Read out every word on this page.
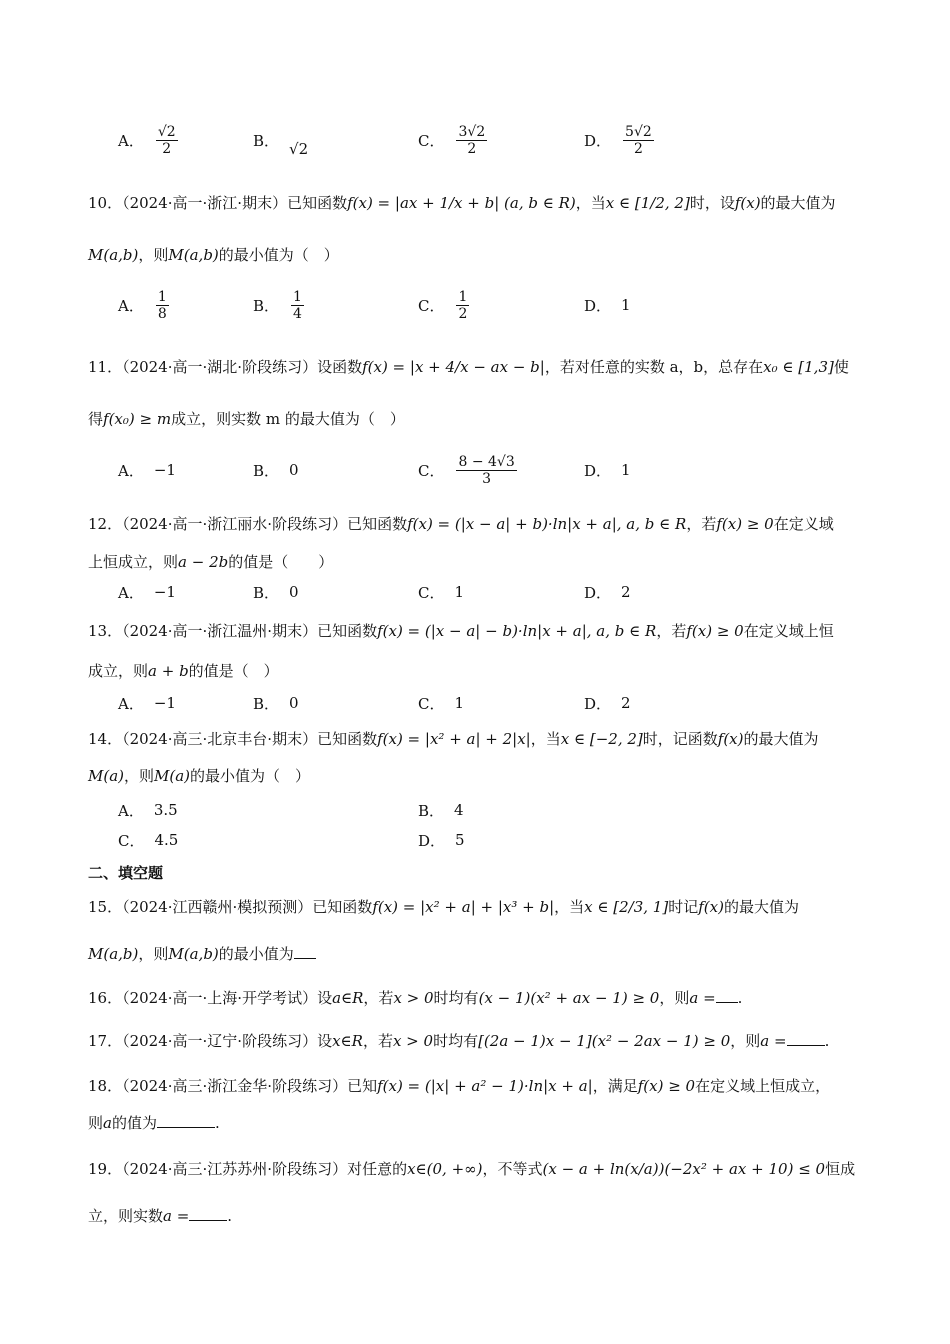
A． $\frac{√2}{2}$	B． √2	C． $\frac{3√2}{2}$	D． $\frac{5√2}{2}$
10．（2024·高一·浙江·期末）已知函数f(x) = |ax + 1/x + b| (a, b ∈ R)，当x ∈ [1/2, 2]时，设f(x)的最大值为
M(a,b)，则M(a,b)的最小值为（　）
A． $\frac{1}{8}$	B． $\frac{1}{4}$	C． $\frac{1}{2}$	D． 1
11．（2024·高一·湖北·阶段练习）设函数f(x) = |x + 4/x − ax − b|，若对任意的实数 a，b，总存在x₀ ∈ [1,3]使
得f(x₀) ≥ m成立，则实数 m 的最大值为（　）
A． −1	B． 0	C． $\frac{8 - 4√3}{3}$	D． 1
12．（2024·高一·浙江丽水·阶段练习）已知函数f(x) = (|x − a| + b)·ln|x + a|, a, b ∈ R，若f(x) ≥ 0在定义域
上恒成立，则a − 2b的值是（　　）
A． −1	B． 0	C． 1	D． 2
13．（2024·高一·浙江温州·期末）已知函数f(x) = (|x − a| − b)·ln|x + a|, a, b ∈ R，若f(x) ≥ 0在定义域上恒
成立，则a + b的值是（　）
A． −1	B． 0	C． 1	D． 2
14．（2024·高三·北京丰台·期末）已知函数f(x) = |x² + a| + 2|x|，当x ∈ [−2, 2]时，记函数f(x)的最大值为
M(a)，则M(a)的最小值为（　）
A． 3.5	B． 4
C． 4.5	D． 5
二、填空题
15．（2024·江西赣州·模拟预测）已知函数f(x) = |x² + a| + |x³ + b|，当x ∈ [2/3, 1]时记f(x)的最大值为
M(a,b)，则M(a,b)的最小值为
16．（2024·高一·上海·开学考试）设a∈R，若x > 0时均有(x − 1)(x² + ax − 1) ≥ 0，则a = .
17．（2024·高一·辽宁·阶段练习）设x∈R，若x > 0时均有[(2a − 1)x − 1](x² − 2ax − 1) ≥ 0，则a =	.
18．（2024·高三·浙江金华·阶段练习）已知f(x) = (|x| + a² − 1)·ln|x + a|，满足f(x) ≥ 0在定义域上恒成立，
则a的值为	.
19．（2024·高三·江苏苏州·阶段练习）对任意的x∈(0, +∞)，不等式(x − a + ln(x/a))(−2x² + ax + 10) ≤ 0恒成
立，则实数a =	.
